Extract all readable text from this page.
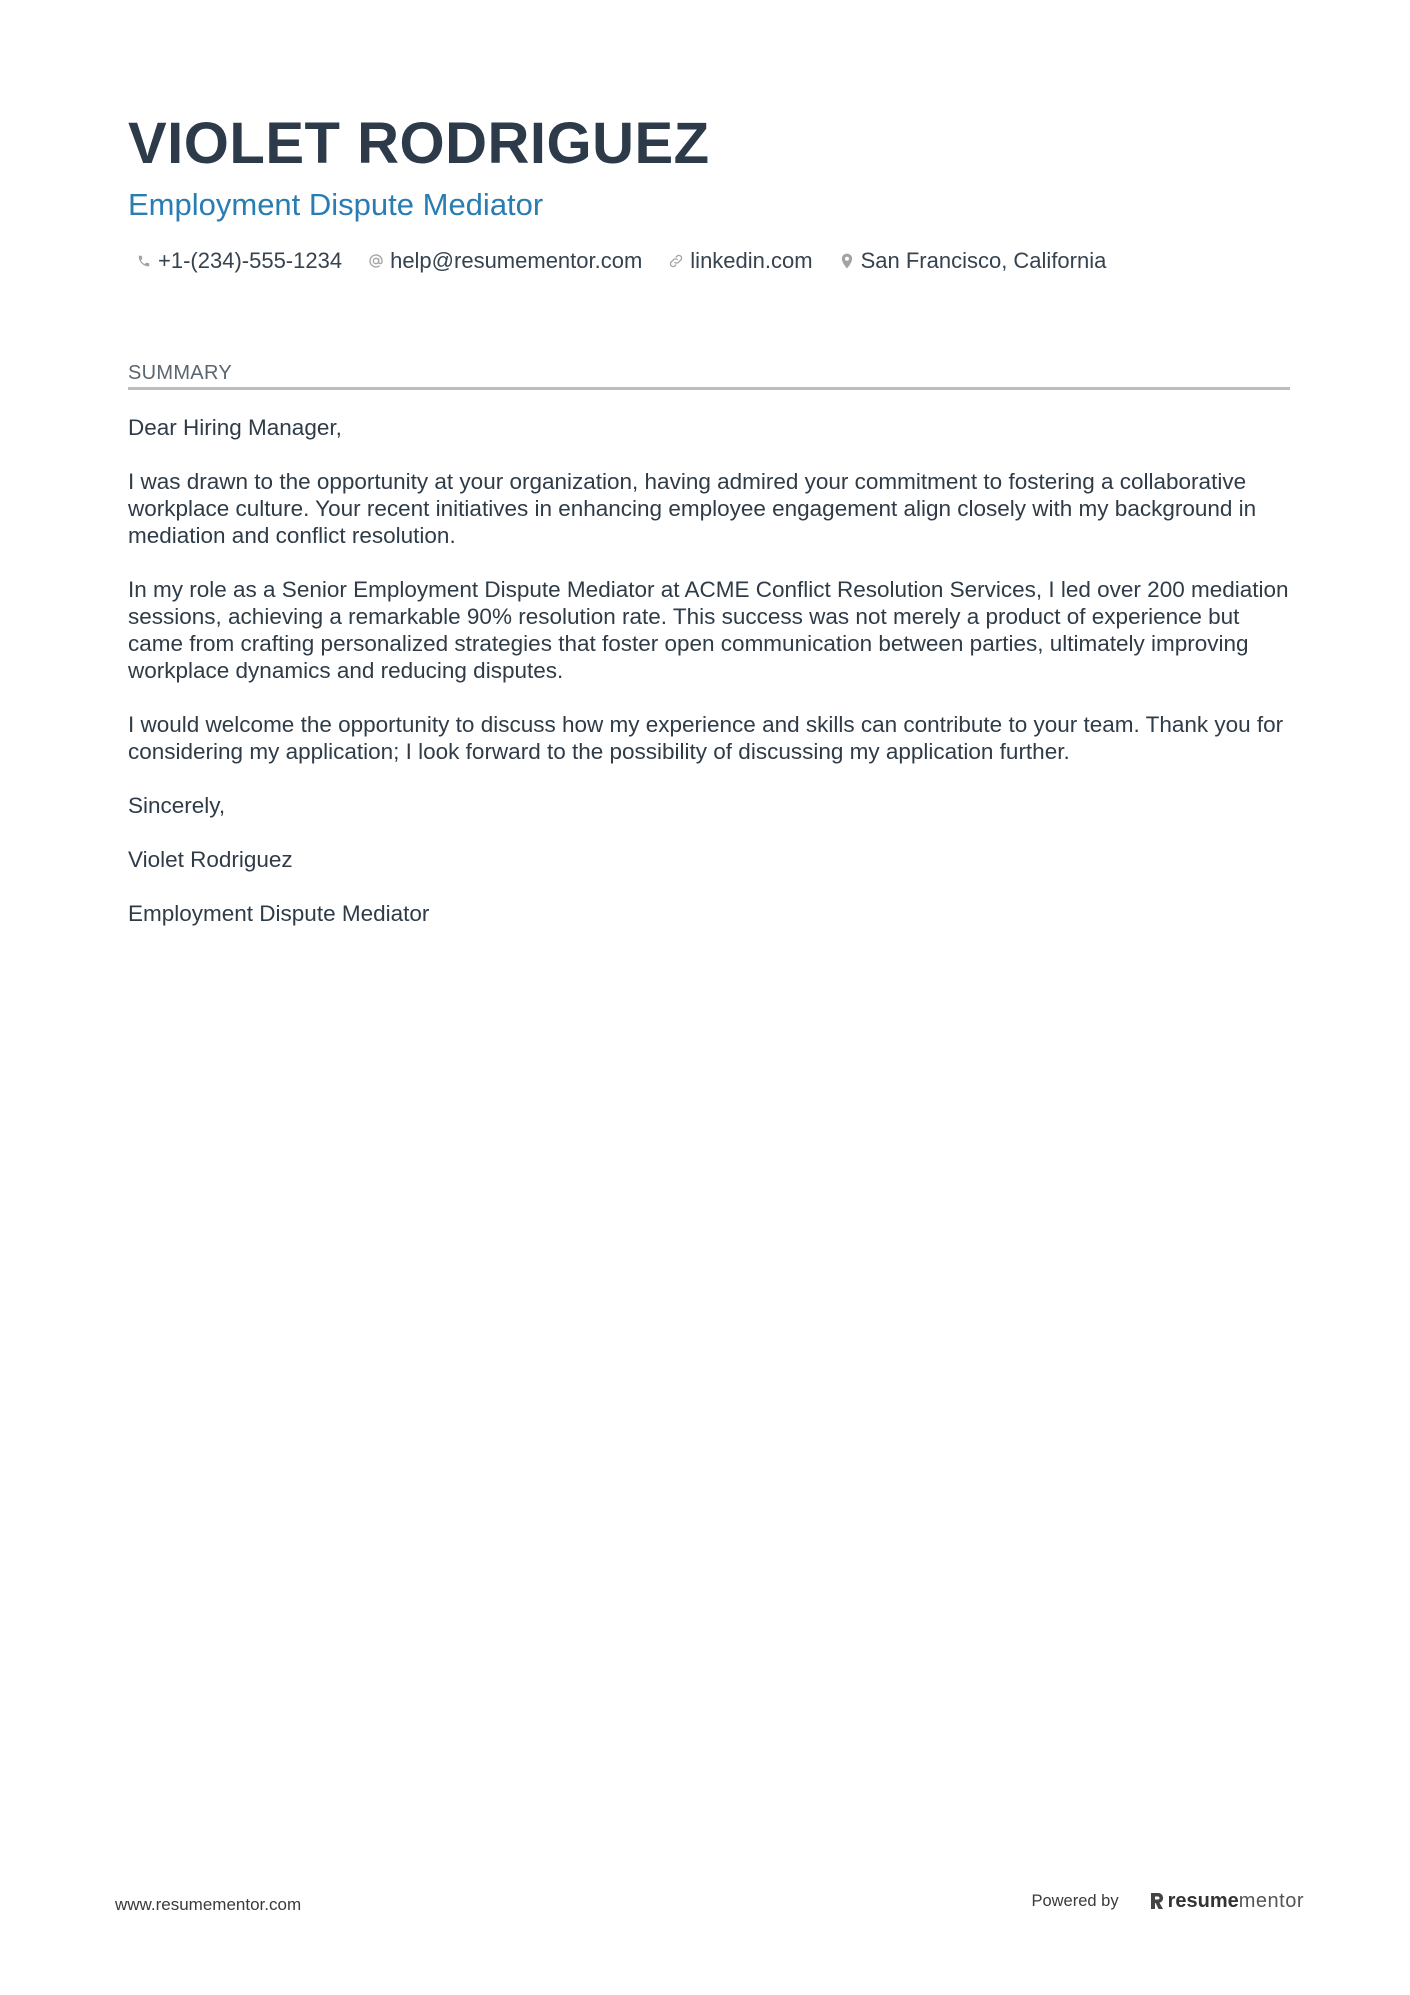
VIOLET RODRIGUEZ
Employment Dispute Mediator
+1-(234)-555-1234 help@resumementor.com linkedin.com San Francisco, California
SUMMARY

Dear Hiring Manager,

I was drawn to the opportunity at your organization, having admired your commitment to fostering a collaborative workplace culture. Your recent initiatives in enhancing employee engagement align closely with my background in mediation and conflict resolution.

In my role as a Senior Employment Dispute Mediator at ACME Conflict Resolution Services, I led over 200 mediation sessions, achieving a remarkable 90% resolution rate. This success was not merely a product of experience but came from crafting personalized strategies that foster open communication between parties, ultimately improving workplace dynamics and reducing disputes.

I would welcome the opportunity to discuss how my experience and skills can contribute to your team. Thank you for considering my application; I look forward to the possibility of discussing my application further.

Sincerely,

Violet Rodriguez

Employment Dispute Mediator

www.resumementor.com	Powered by resume mentor
